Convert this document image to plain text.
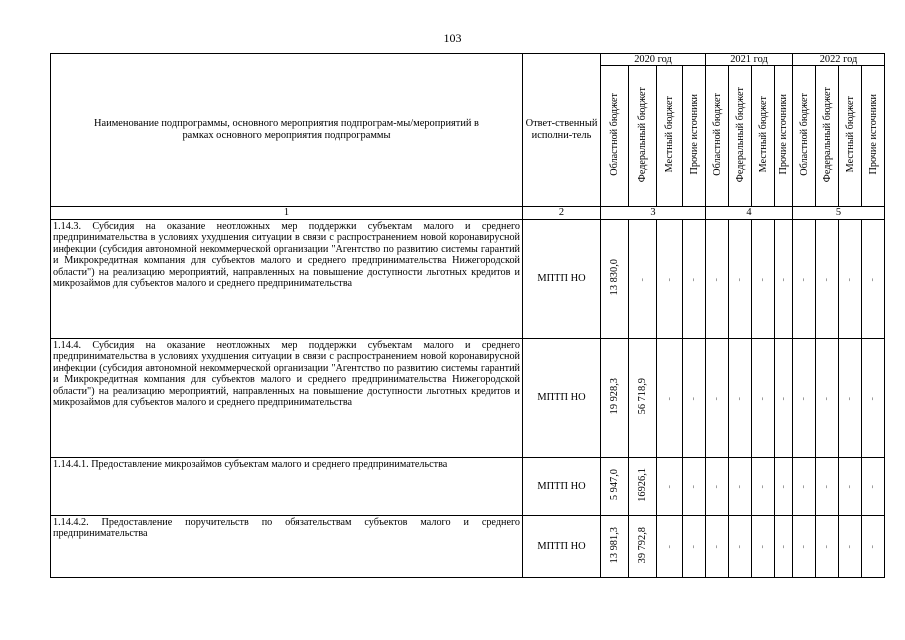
103
Наименование подпрограммы, основного мероприятия подпрограм-мы/мероприятий в рамках основного мероприятия подпрограммы	Ответ-ственный исполни-тель	2020 год				2021 год				2022 год			
		Областной бюджет	Федеральный бюджет	Местный бюджет	Прочие источники	Областной бюджет	Федеральный бюджет	Местный бюджет	Прочие источники	Областной бюджет	Федеральный бюджет	Местный бюджет	Прочие источники
1	2	3				4				5			
1.14.3. Субсидия на оказание неотложных мер поддержки субъектам малого и среднего предпринимательства в условиях ухудшения ситуации в связи с распространением новой коронавирусной инфекции (субсидия автономной некоммерческой организации "Агентство по развитию системы гарантий и Микрокредитная компания для субъектов малого и среднего предпринимательства Нижегородской области") на реализацию мероприятий, направленных на повышение доступности льготных кредитов и микрозаймов для субъектов малого и среднего предпринимательства	МПТП НО	13 830,0	-	-	-	-	-	-	-	-	-	-	-
1.14.4. Субсидия на оказание неотложных мер поддержки субъектам малого и среднего предпринимательства в условиях ухудшения ситуации в связи с распространением новой коронавирусной инфекции (субсидия автономной некоммерческой организации "Агентство по развитию системы гарантий и Микрокредитная компания для субъектов малого и среднего предпринимательства Нижегородской области") на реализацию мероприятий, направленных на повышение доступности льготных кредитов и микрозаймов для субъектов малого и среднего предпринимательства	МПТП НО	19 928,3	56 718,9	-	-	-	-	-	-	-	-	-	-
1.14.4.1. Предоставление микрозаймов субъектам малого и среднего предпринимательства	МПТП НО	5 947,0	16926,1	-	-	-	-	-	-	-	-	-	-
1.14.4.2. Предоставление поручительств по обязательствам субъектов малого и среднего предпринимательства	МПТП НО	13 981,3	39 792,8	-	-	-	-	-	-	-	-	-	-
